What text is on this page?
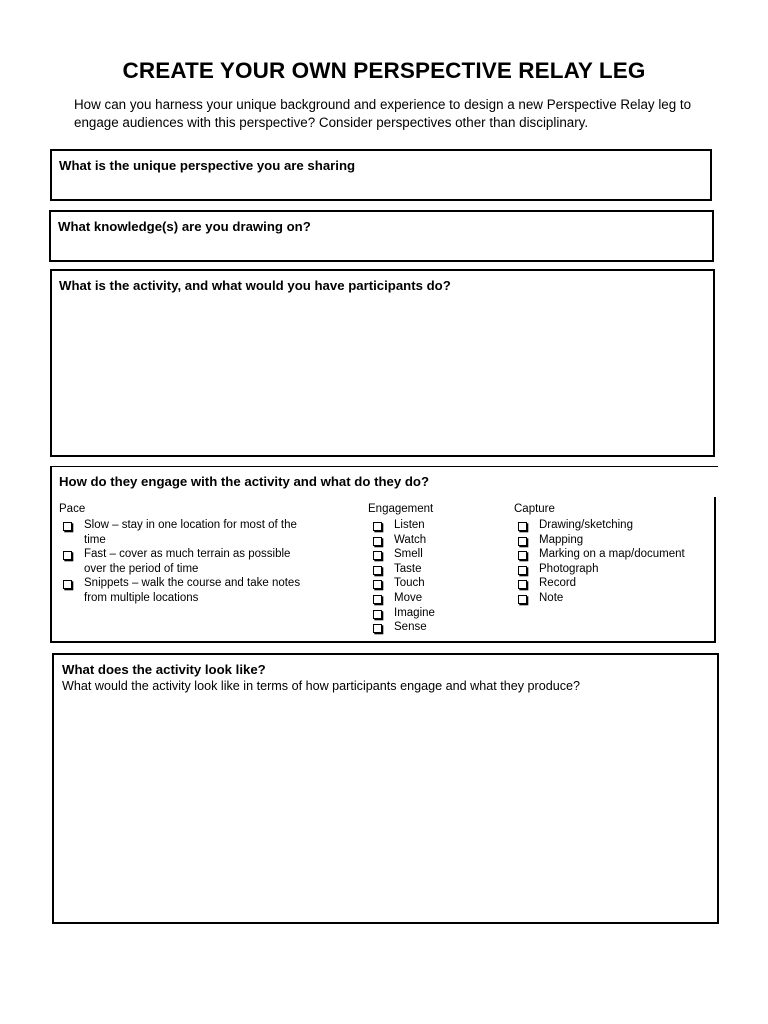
CREATE YOUR OWN PERSPECTIVE RELAY LEG
How can you harness your unique background and experience to design a new Perspective Relay leg to engage audiences with this perspective? Consider perspectives other than disciplinary.
What is the unique perspective you are sharing
What knowledge(s) are you drawing on?
What is the activity, and what would you have participants do?
How do they engage with the activity and what do they do?
Pace
Slow – stay in one location for most of the time
Fast – cover as much terrain as possible over the period of time
Snippets – walk the course and take notes from multiple locations
Engagement
Listen
Watch
Smell
Taste
Touch
Move
Imagine
Sense
Capture
Drawing/sketching
Mapping
Marking on a map/document
Photograph
Record
Note
What does the activity look like?
What would the activity look like in terms of how participants engage and what they produce?
